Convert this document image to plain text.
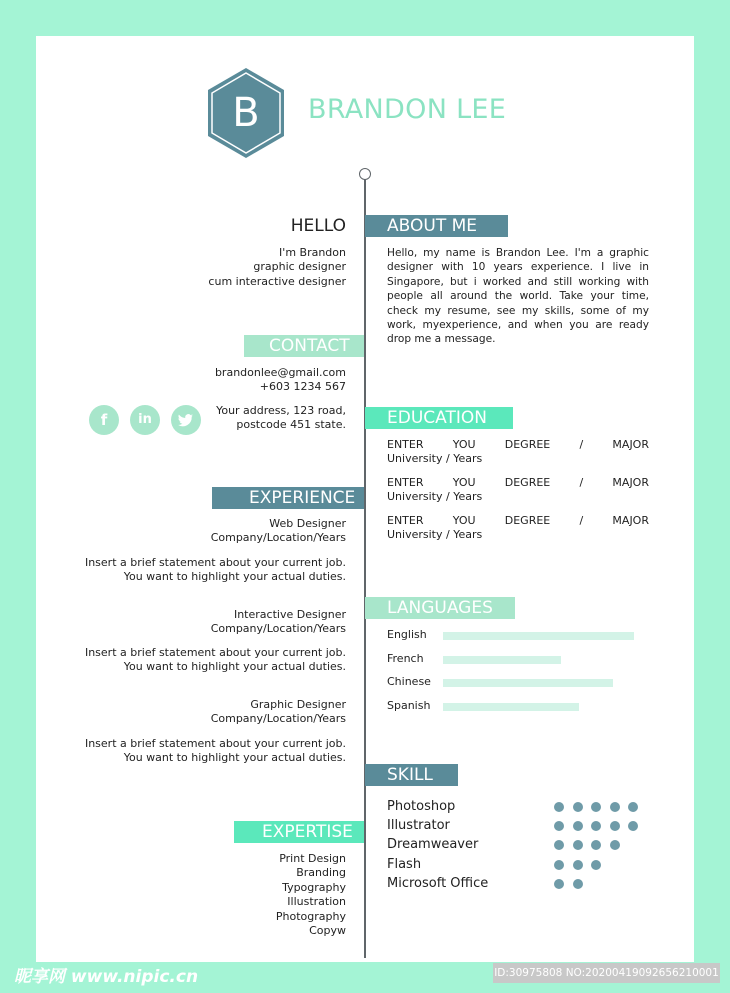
B	BRANDON LEE
HELLO
I'm Brandon
graphic designer
cum interactive designer
ABOUT ME
Hello, my name is Brandon Lee. I'm a graphic designer with 10 years experience. I live in Singapore, but i worked and still working with people all around the world. Take your time, check my resume, see my skills, some of my work, myexperience, and when you are ready drop me a message.
CONTACT
brandonlee@gmail.com
+603 1234 567
Your address, 123 road,
postcode 451 state.
f	in	EDUCATION
ENTER	YOU	DEGREE	/	MAJOR
University / Years
ENTER	YOU	DEGREE	/	MAJOR
University / Years
ENTER	YOU	DEGREE	/	MAJOR
University / Years
EXPERIENCE
Web Designer
Company/Location/Years
Insert a brief statement about your current job.
You want to highlight your actual duties.
Interactive Designer
Company/Location/Years
Insert a brief statement about your current job.
You want to highlight your actual duties.
Graphic Designer
Company/Location/Years
Insert a brief statement about your current job.
You want to highlight your actual duties.
LANGUAGES
English
French
Chinese
Spanish
SKILL
Photoshop
Illustrator
Dreamweaver
Flash
Microsoft Office
EXPERTISE
Print Design
Branding
Typography
Illustration
Photography
Copyw
昵享网 www.nipic.cn	ID:30975808 NO:20200419092656210001
